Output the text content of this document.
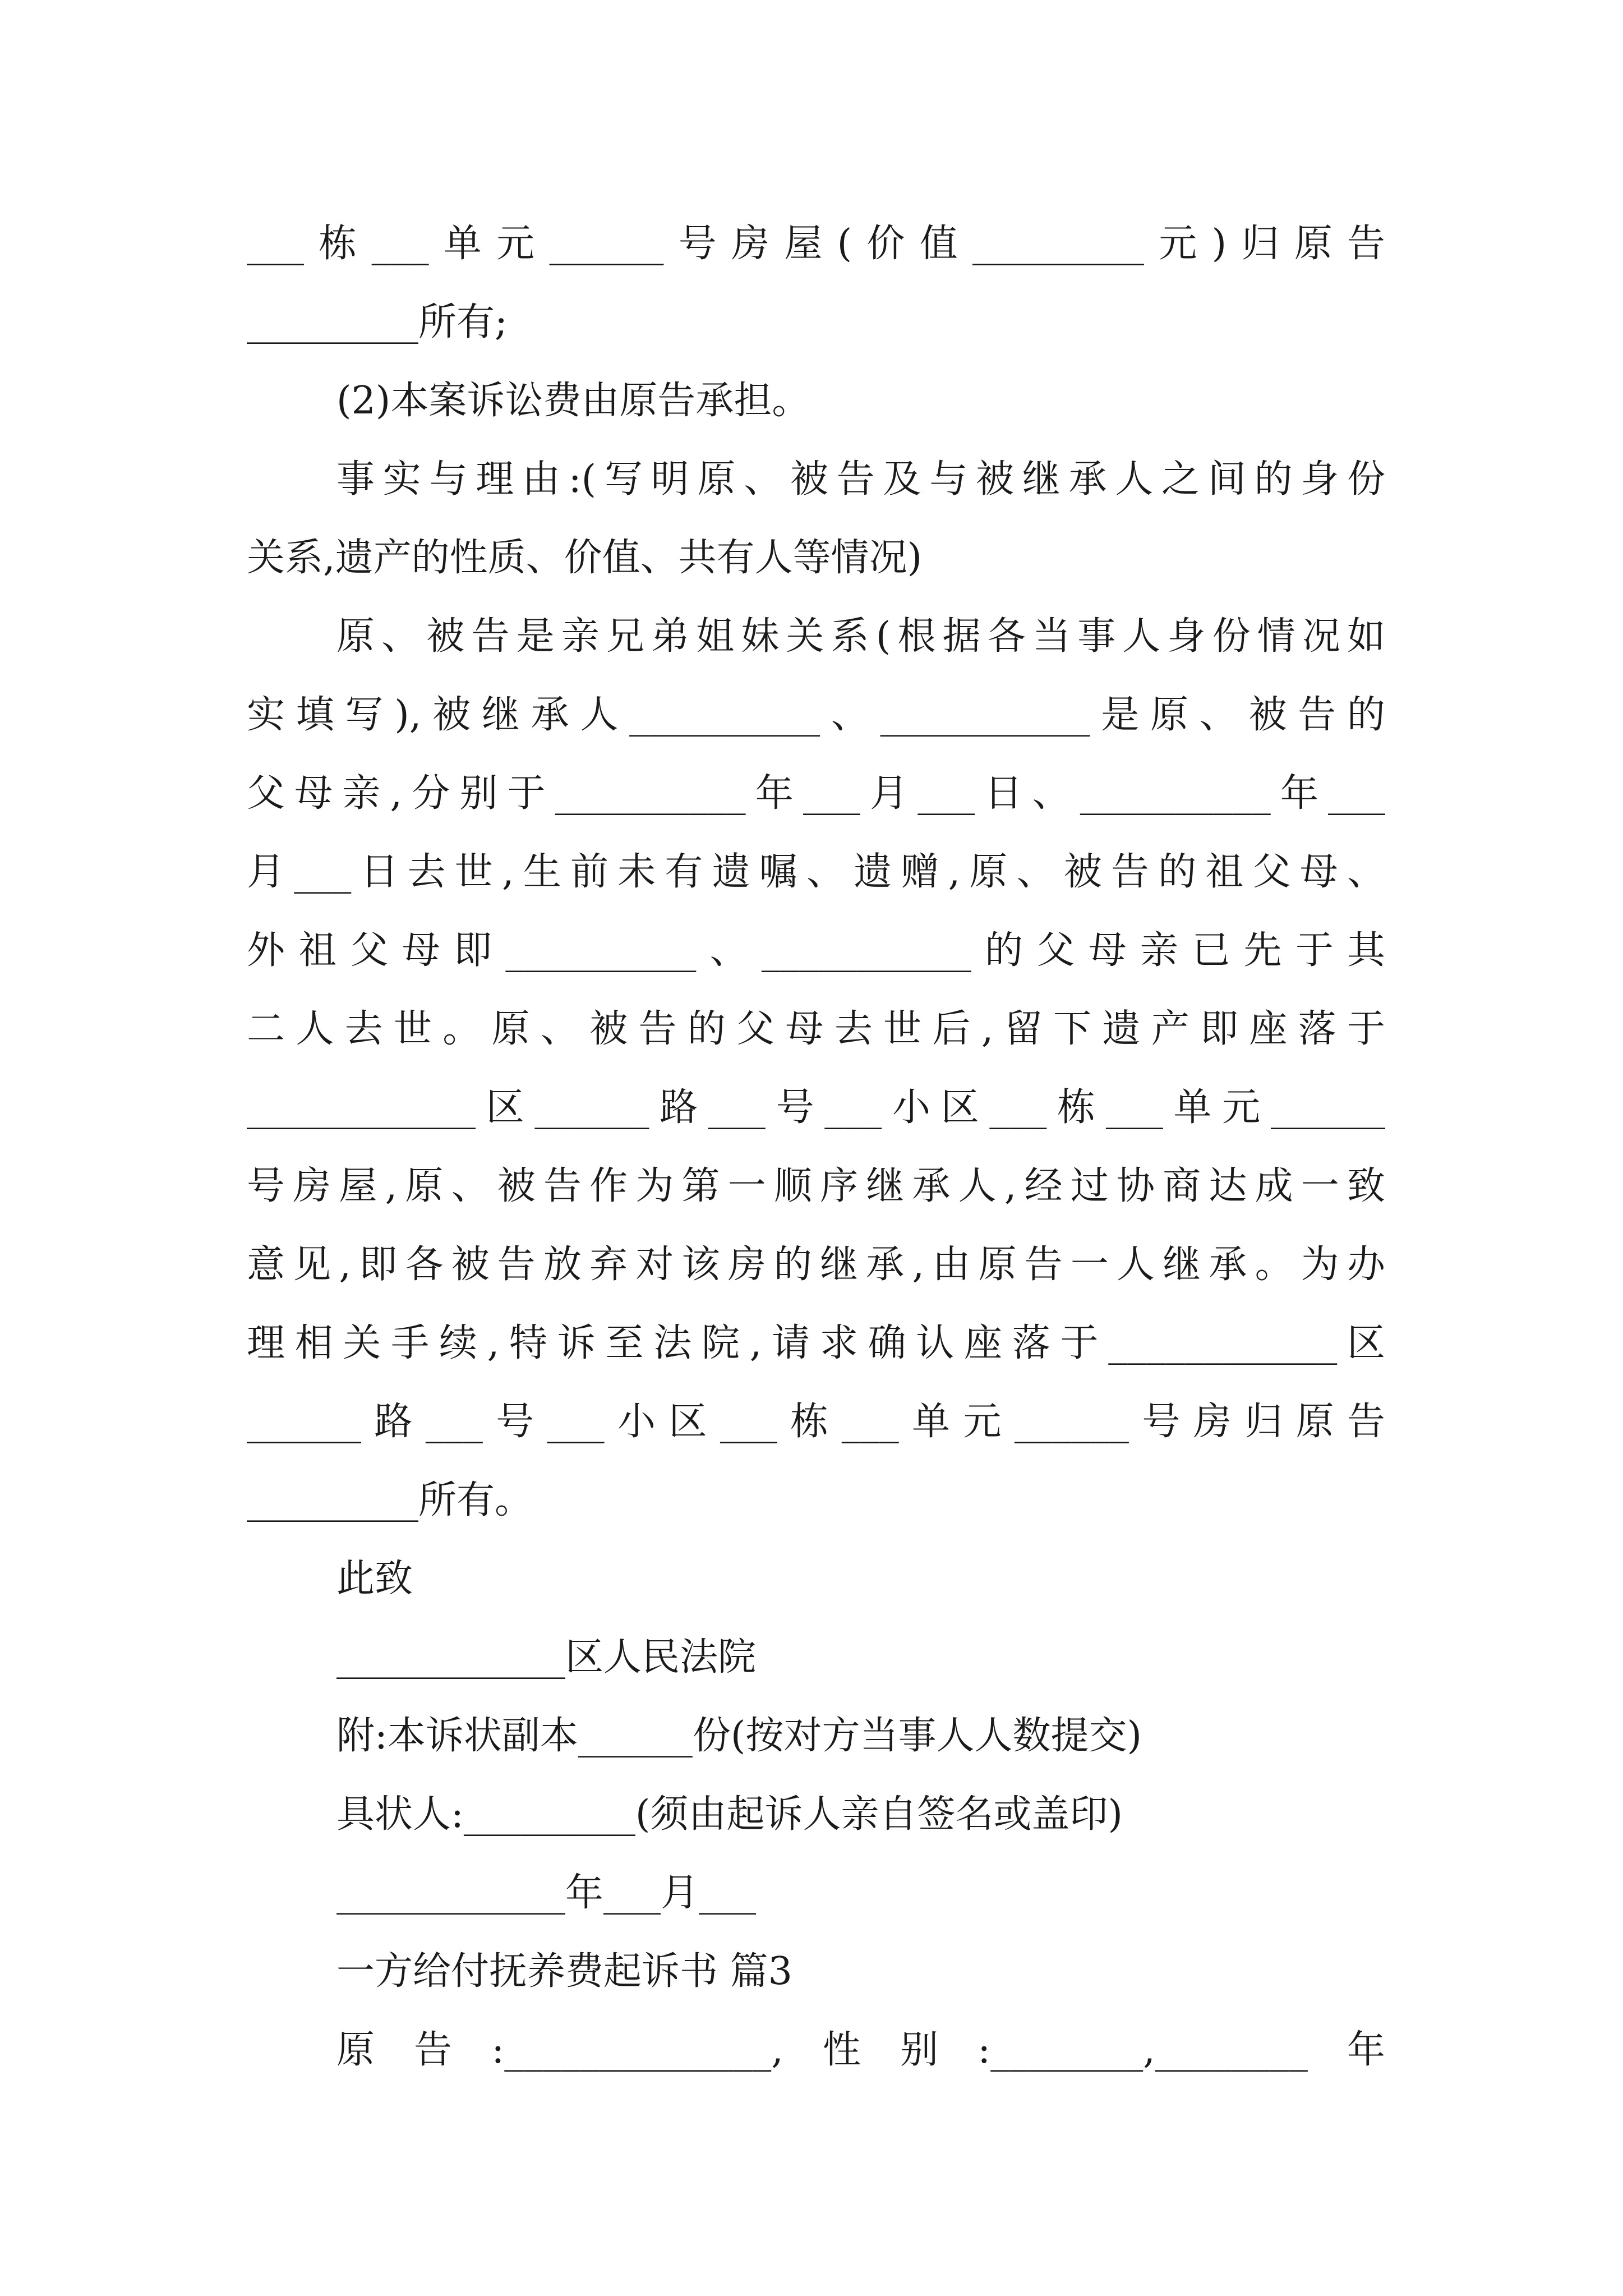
___栋___单元______号房屋(价值_________元)归原告
_________所有;
(2)本案诉讼费由原告承担。
事实与理由:(写明原、被告及与被继承人之间的身份
关系,遗产的性质、价值、共有人等情况)
原、被告是亲兄弟姐妹关系(根据各当事人身份情况如
实填写),被继承人__________、___________是原、被告的
父母亲,分别于__________年___月___日、__________年___
月___日去世,生前未有遗嘱、遗赠,原、被告的祖父母、
外祖父母即__________、___________的父母亲已先于其
二人去世。原、被告的父母去世后,留下遗产即座落于
____________区______路___号___小区___栋___单元______
号房屋,原、被告作为第一顺序继承人,经过协商达成一致
意见,即各被告放弃对该房的继承,由原告一人继承。为办
理相关手续,特诉至法院,请求确认座落于____________区
______路___号___小区___栋___单元______号房归原告
_________所有。
此致
____________区人民法院
附:本诉状副本______份(按对方当事人人数提交)
具状人:_________(须由起诉人亲自签名或盖印)
____________年___月___
一方给付抚养费起诉书 篇3
原告:______________,性别:________,________年
